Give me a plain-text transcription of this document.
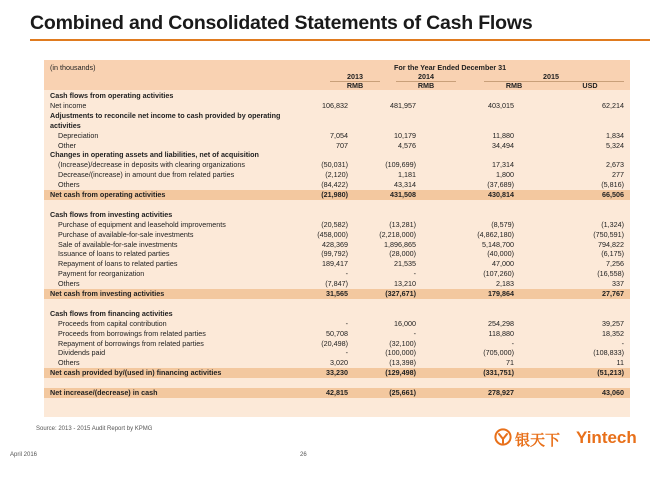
Combined and Consolidated Statements of Cash Flows
(in thousands)	For the Year Ended December 31
2013	2014	2015
RMB	RMB	RMB	USD
Cash flows from operating activities
Net income	106,832	481,957	403,015	62,214
Adjustments to reconcile net income to cash provided by operating
activities
Depreciation	7,054	10,179	11,880	1,834
Other	707	4,576	34,494	5,324
Changes in operating assets and liabilities, net of acquisition
(Increase)/decrease in deposits with clearing organizations	(50,031)	(109,699)	17,314	2,673
Decrease/(increase) in amount due from related parties	(2,120)	1,181	1,800	277
Others	(84,422)	43,314	(37,689)	(5,816)
Net cash from operating activities	(21,980)	431,508	430,814	66,506
Cash flows from investing activities
Purchase of equipment and leasehold improvements	(20,582)	(13,281)	(8,579)	(1,324)
Purchase of available-for-sale investments	(458,000)	(2,218,000)	(4,862,180)	(750,591)
Sale of available-for-sale investments	428,369	1,896,865	5,148,700	794,822
Issuance of loans to related parties	(99,792)	(28,000)	(40,000)	(6,175)
Repayment of loans to related parties	189,417	21,535	47,000	7,256
Payment for reorganization	-	-	(107,260)	(16,558)
Others	(7,847)	13,210	2,183	337
Net cash from investing activities	31,565	(327,671)	179,864	27,767
Cash flows from financing activities
Proceeds from capital contribution	-	16,000	254,298	39,257
Proceeds from borrowings from related parties	50,708	-	118,880	18,352
Repayment of borrowings from related parties	(20,498)	(32,100)	-	-
Dividends paid	-	(100,000)	(705,000)	(108,833)
Others	3,020	(13,398)	71	11
Net cash provided by/(used in) financing activities	33,230	(129,498)	(331,751)	(51,213)
Net increase/(decrease) in cash	42,815	(25,661)	278,927	43,060
Source: 2013 - 2015 Audit Report by KPMG
April 2016	26
银天下 Yintech
